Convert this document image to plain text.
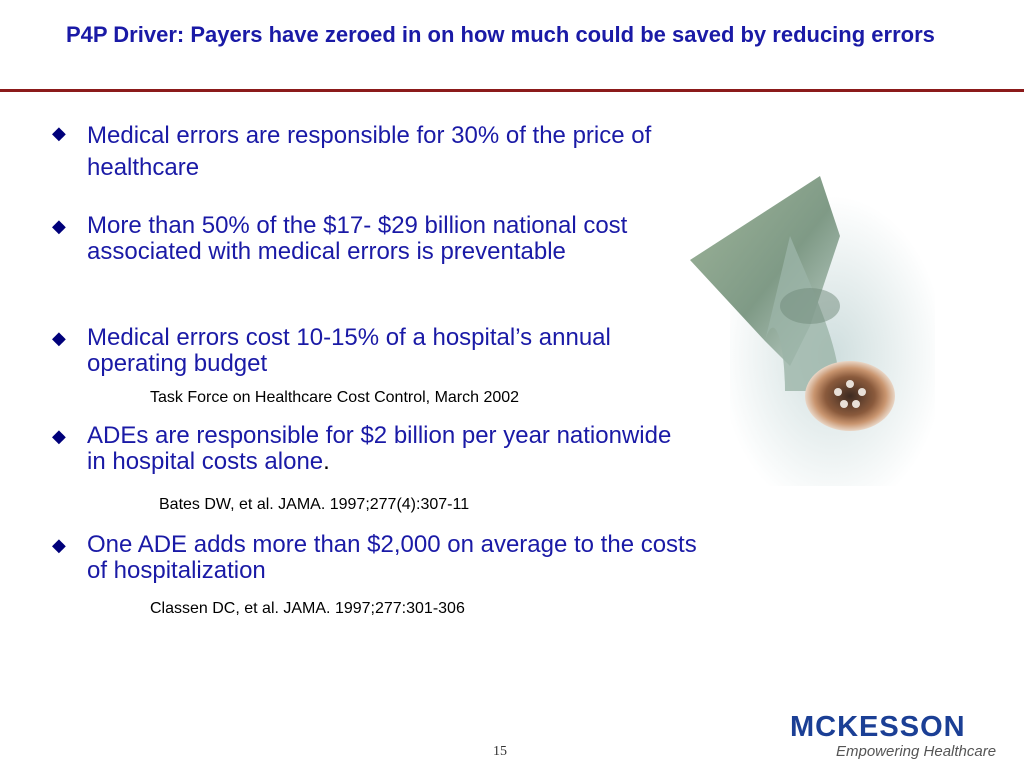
P4P Driver: Payers have zeroed in on how much could be saved by reducing errors
◆ Medical errors are responsible for 30% of the price of healthcare
◆ More than 50% of the $17- $29 billion national cost associated with medical errors is preventable
◆ Medical errors cost 10-15% of a hospital’s annual operating budget
Task Force on Healthcare Cost Control, March 2002
◆ ADEs are responsible for $2 billion per year nationwide in hospital costs alone.
Bates DW, et al. JAMA. 1997;277(4):307-11
◆ One ADE adds more than $2,000 on average to the costs of hospitalization
Classen DC, et al. JAMA. 1997;277:301-306
15
MCKESSON
Empowering Healthcare
